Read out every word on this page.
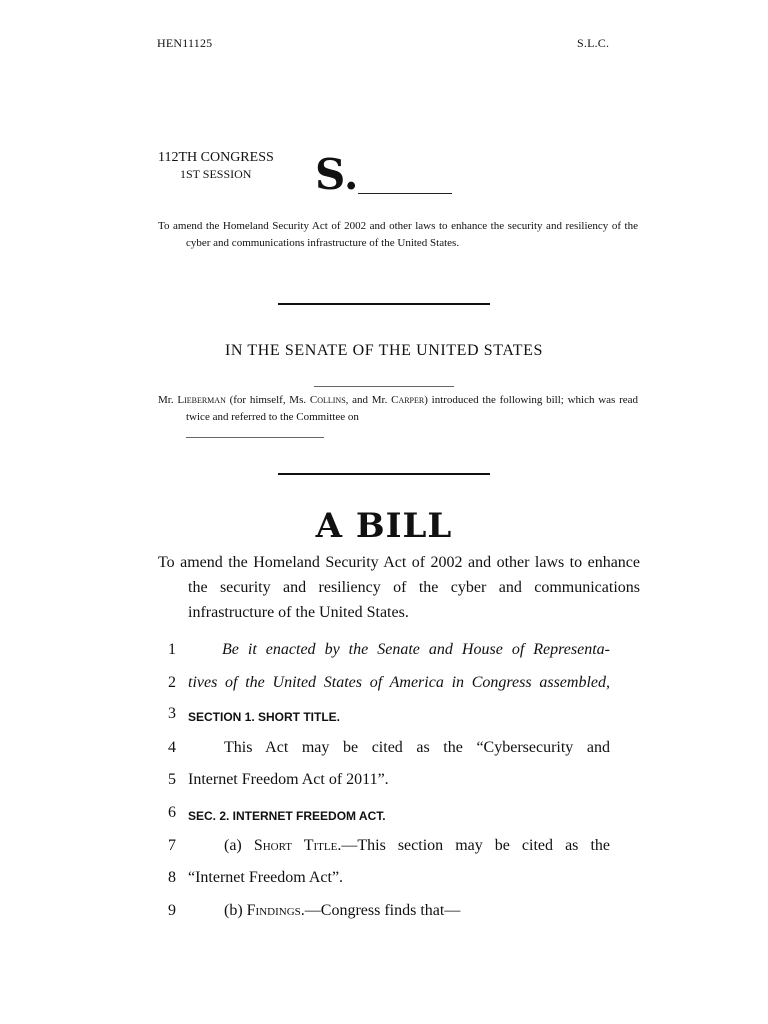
HEN11125	S.L.C.
112TH CONGRESS
1ST SESSION S.
To amend the Homeland Security Act of 2002 and other laws to enhance the security and resiliency of the cyber and communications infrastructure of the United States.
IN THE SENATE OF THE UNITED STATES
Mr. Lieberman (for himself, Ms. Collins, and Mr. Carper) introduced the following bill; which was read twice and referred to the Committee on
A BILL
To amend the Homeland Security Act of 2002 and other laws to enhance the security and resiliency of the cyber and communications infrastructure of the United States.
1	Be it enacted by the Senate and House of Representa-
2 tives of the United States of America in Congress assembled,
3 SECTION 1. SHORT TITLE.
4	This Act may be cited as the “Cybersecurity and
5 Internet Freedom Act of 2011”.
6 SEC. 2. INTERNET FREEDOM ACT.
7	(a) Short Title.—This section may be cited as the
8 “Internet Freedom Act”.
9	(b) Findings.—Congress finds that—
